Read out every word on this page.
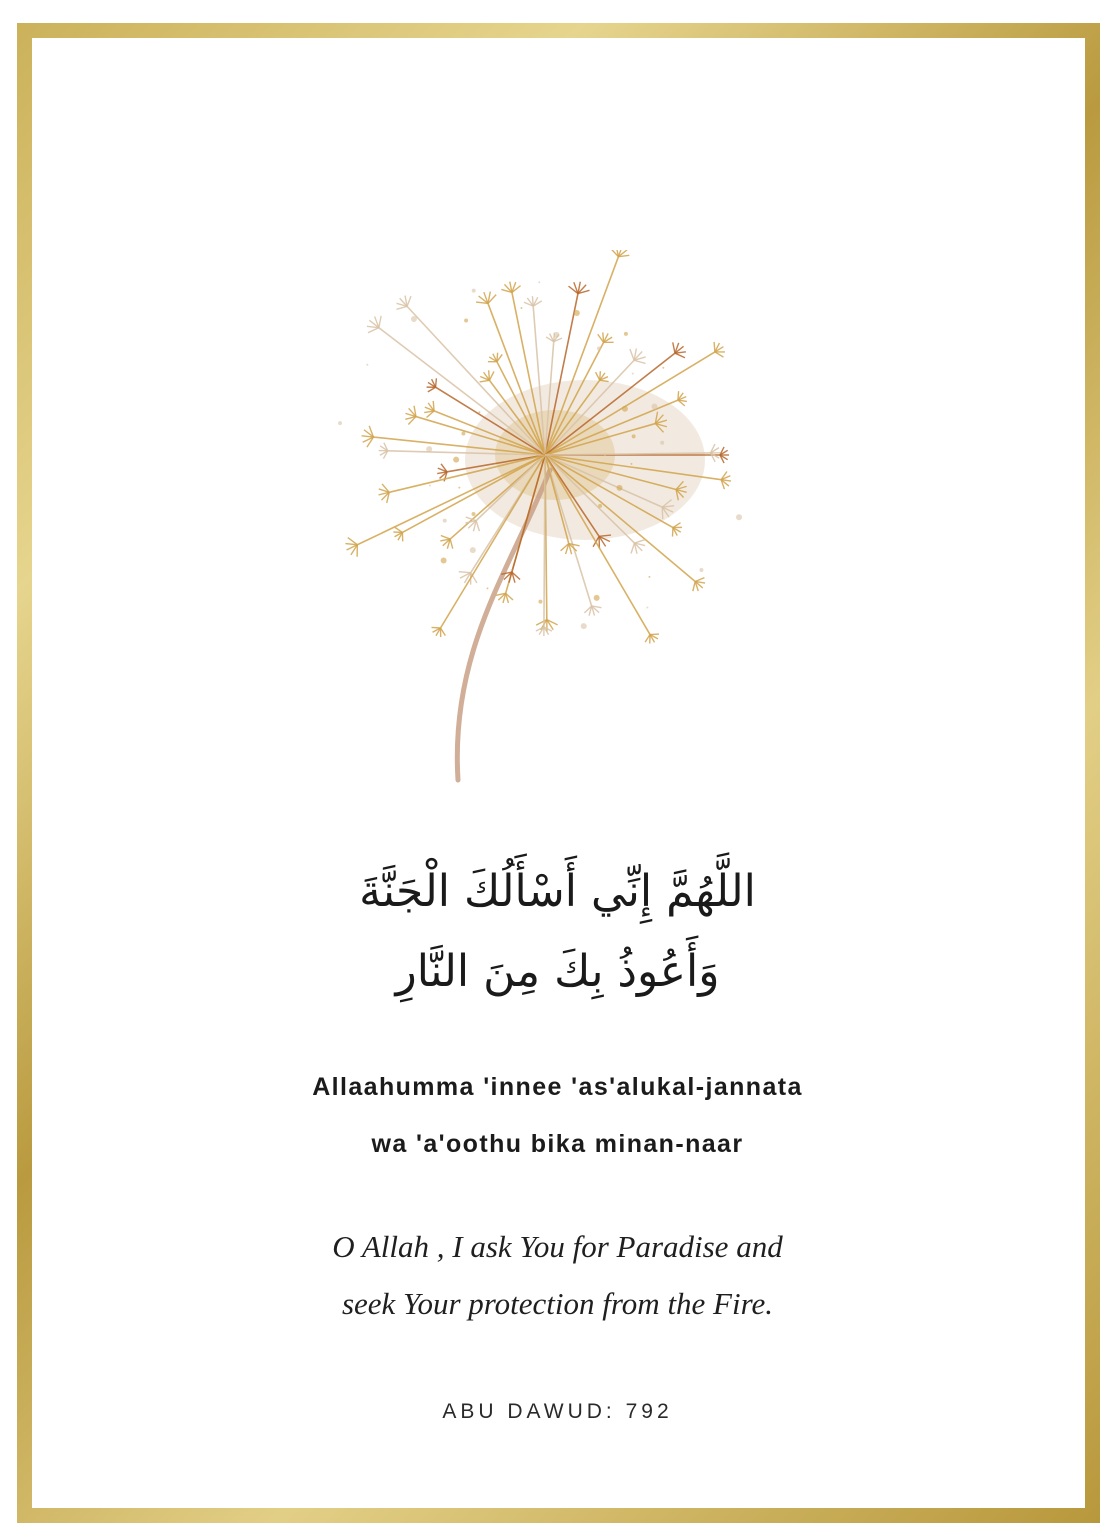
اللَّهُمَّ إِنِّي أَسْأَلُكَ الْجَنَّةَ
وَأَعُوذُ بِكَ مِنَ النَّارِ
Allaahumma 'innee 'as'alukal-jannata
wa 'a'oothu bika minan-naar
O Allah , I ask You for Paradise and
seek Your protection from the Fire.
ABU DAWUD: 792
